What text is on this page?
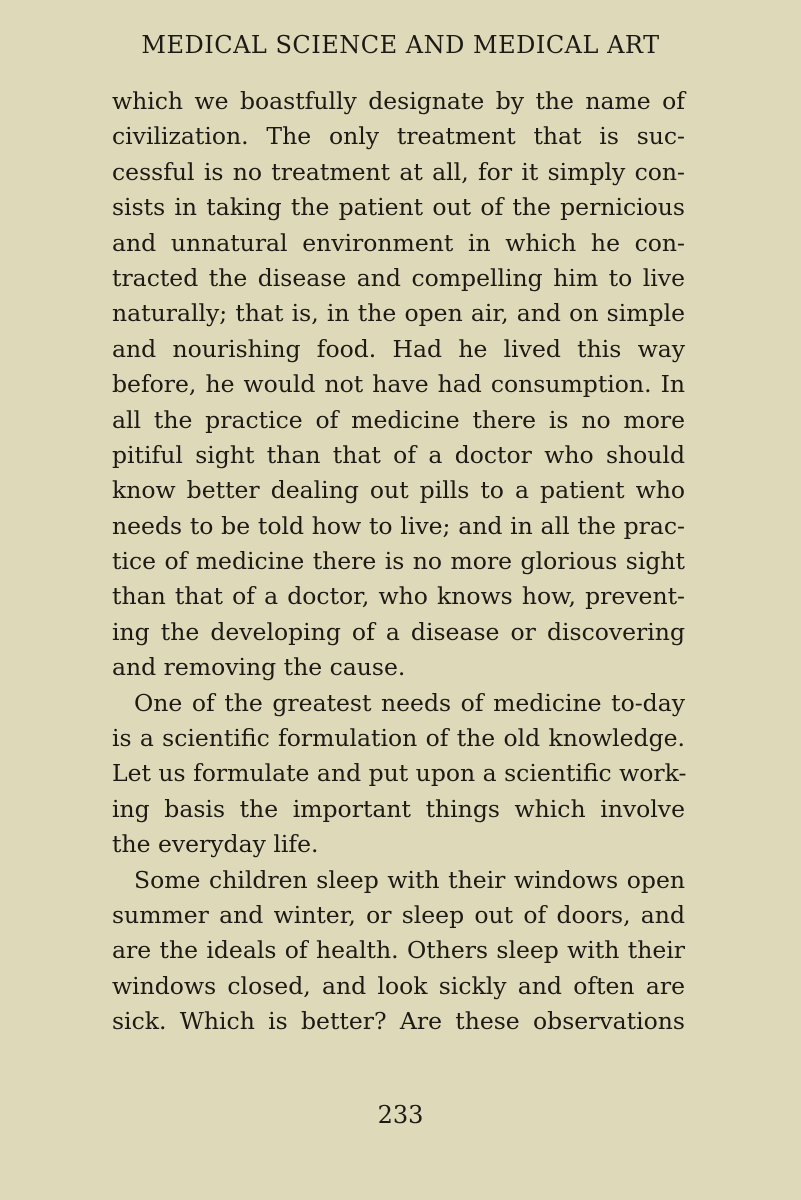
MEDICAL SCIENCE AND MEDICAL ART
which we boastfully designate by the name of
civilization. The only treatment that is suc-
cessful is no treatment at all, for it simply con-
sists in taking the patient out of the pernicious
and unnatural environment in which he con-
tracted the disease and compelling him to live
naturally; that is, in the open air, and on simple
and nourishing food. Had he lived this way
before, he would not have had consumption. In
all the practice of medicine there is no more
pitiful sight than that of a doctor who should
know better dealing out pills to a patient who
needs to be told how to live; and in all the prac-
tice of medicine there is no more glorious sight
than that of a doctor, who knows how, prevent-
ing the developing of a disease or discovering
and removing the cause.
One of the greatest needs of medicine to-day
is a scientific formulation of the old knowledge.
Let us formulate and put upon a scientific work-
ing basis the important things which involve
the everyday life.
Some children sleep with their windows open
summer and winter, or sleep out of doors, and
are the ideals of health. Others sleep with their
windows closed, and look sickly and often are
sick. Which is better? Are these observations
233
